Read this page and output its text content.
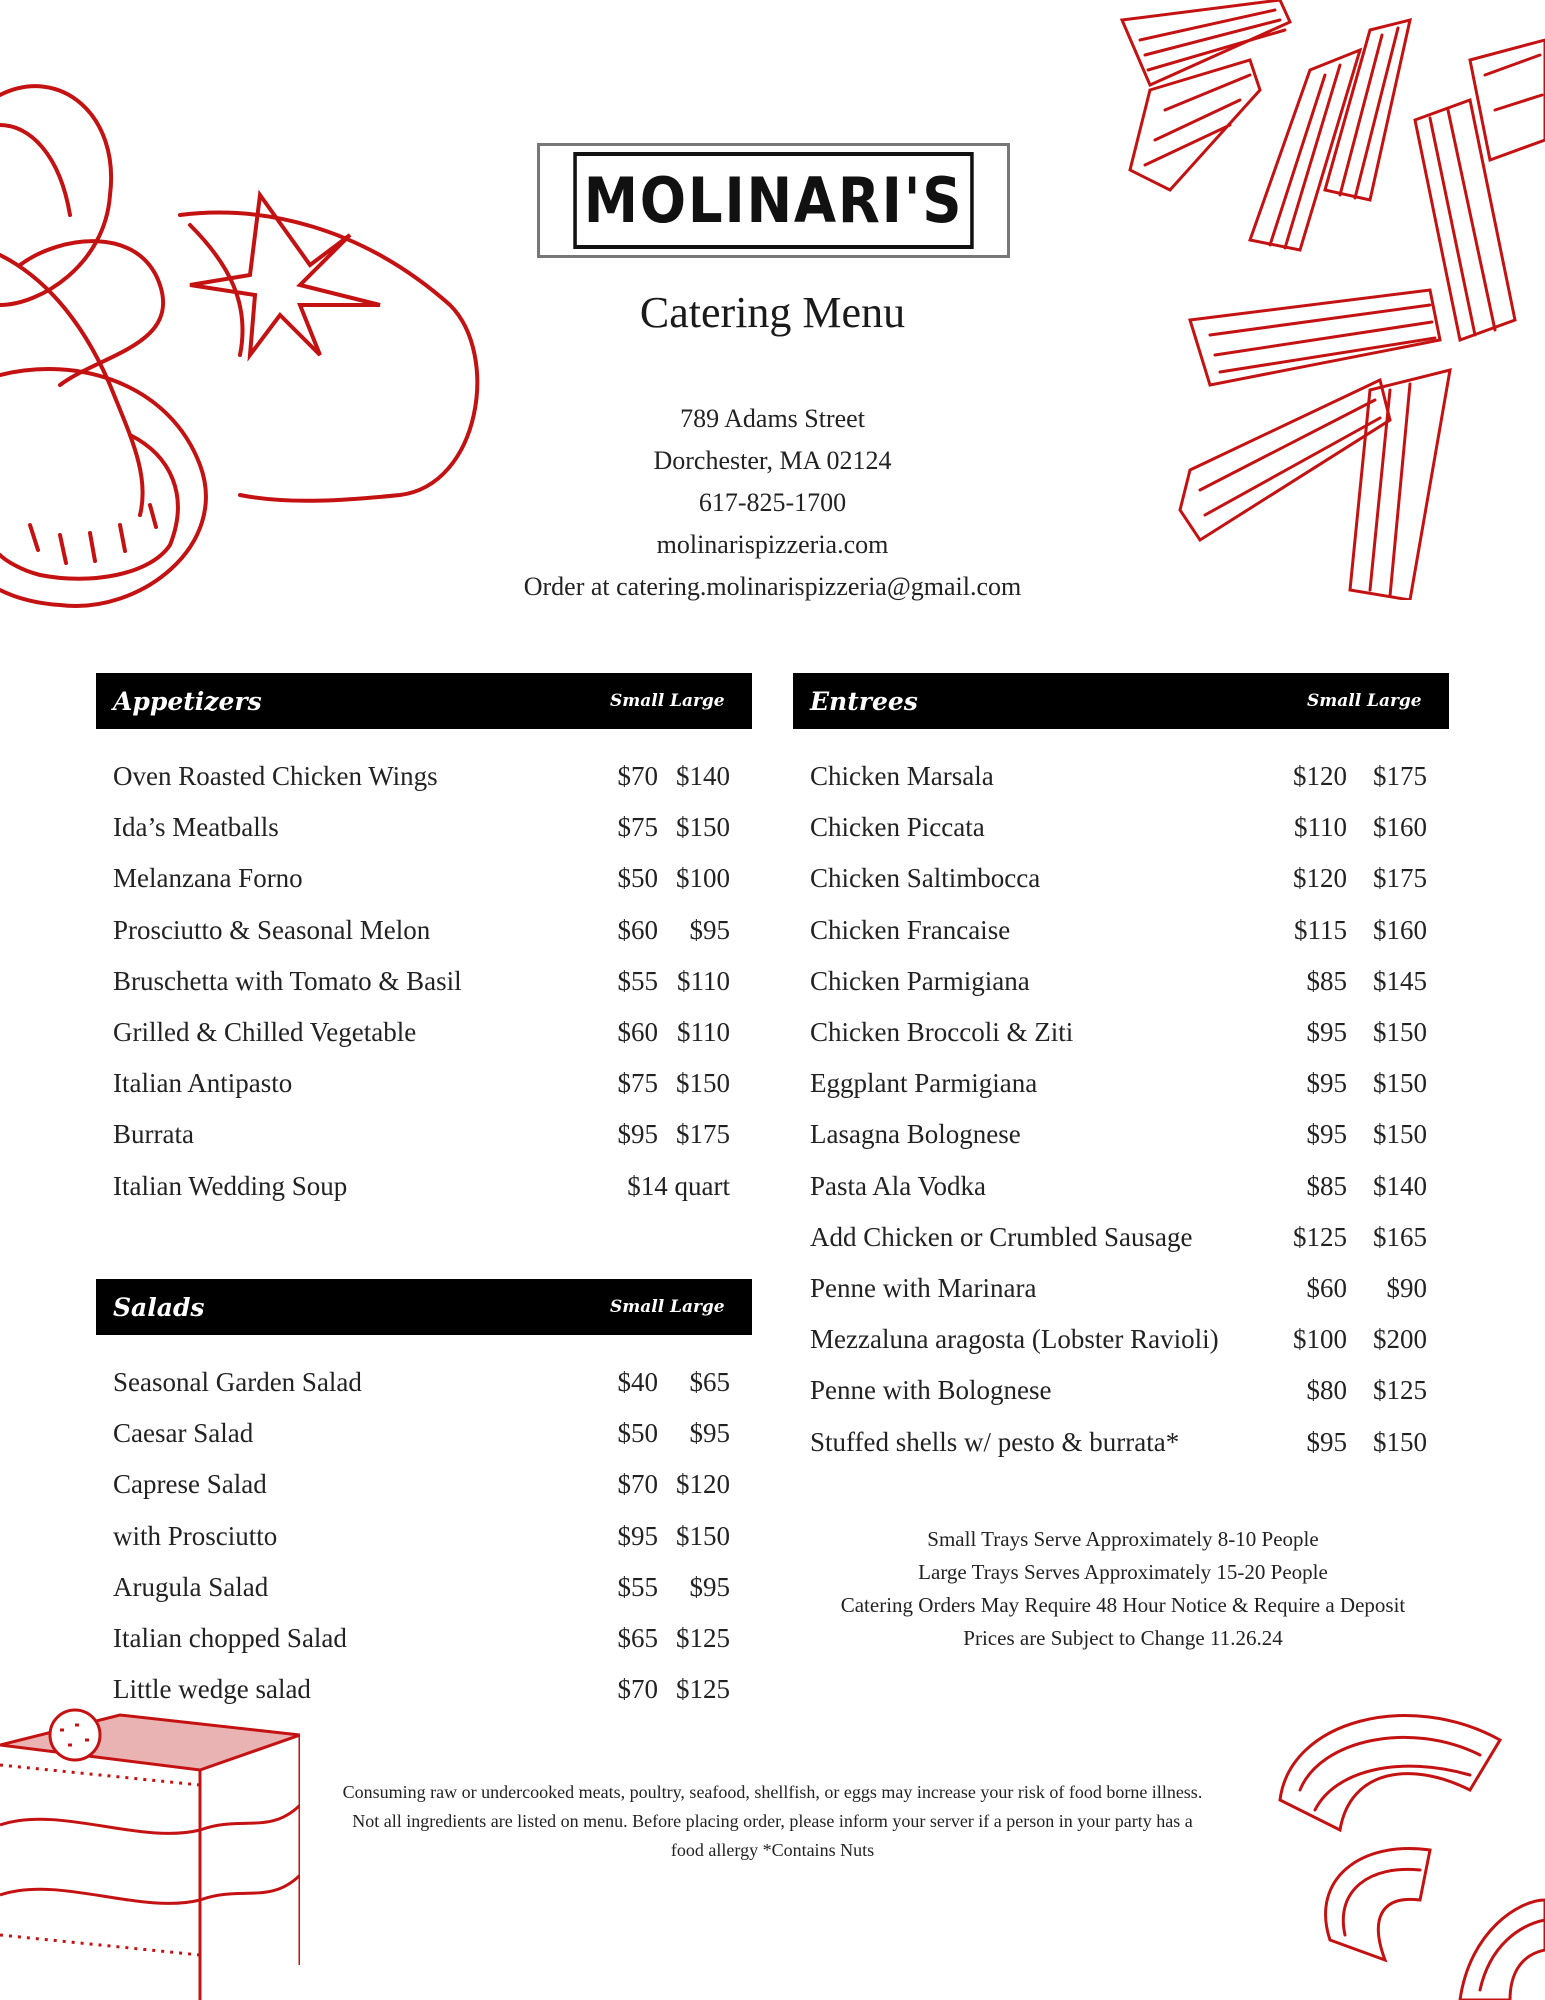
MOLINARI'S
Catering Menu
789 Adams Street
Dorchester, MA 02124
617-825-1700
molinarispizzeria.com
Order at catering.molinarispizzeria@gmail.com
Appetizers	Small Large
Oven Roasted Chicken Wings	$70 $140
Ida’s Meatballs	$75 $150
Melanzana Forno	$50 $100
Prosciutto & Seasonal Melon	$60	$95
Bruschetta with Tomato & Basil	$55 $110
Grilled & Chilled Vegetable	$60 $110
Italian Antipasto	$75 $150
Burrata	$95 $175
Italian Wedding Soup	$14 quart
Salads	Small Large
Seasonal Garden Salad	$40	$65
Caesar Salad	$50	$95
Caprese Salad	$70 $120
with Prosciutto	$95 $150
Arugula Salad	$55	$95
Italian chopped Salad	$65 $125
Little wedge salad	$70 $125
Entrees	Small Large
Chicken Marsala	$120 $175
Chicken Piccata	$110 $160
Chicken Saltimbocca	$120 $175
Chicken Francaise	$115 $160
Chicken Parmigiana	$85 $145
Chicken Broccoli & Ziti	$95 $150
Eggplant Parmigiana	$95 $150
Lasagna Bolognese	$95 $150
Pasta Ala Vodka	$85 $140
Add Chicken or Crumbled Sausage	$125 $165
Penne with Marinara	$60	$90
Mezzaluna aragosta (Lobster Ravioli)	$100 $200
Penne with Bolognese	$80 $125
Stuffed shells w/ pesto & burrata*	$95 $150
Small Trays Serve Approximately 8-10 People
Large Trays Serves Approximately 15-20 People
Catering Orders May Require 48 Hour Notice & Require a Deposit
Prices are Subject to Change 11.26.24
Consuming raw or undercooked meats, poultry, seafood, shellfish, or eggs may increase your risk of food borne illness. Not all ingredients are listed on menu. Before placing order, please inform your server if a person in your party has a food allergy *Contains Nuts
